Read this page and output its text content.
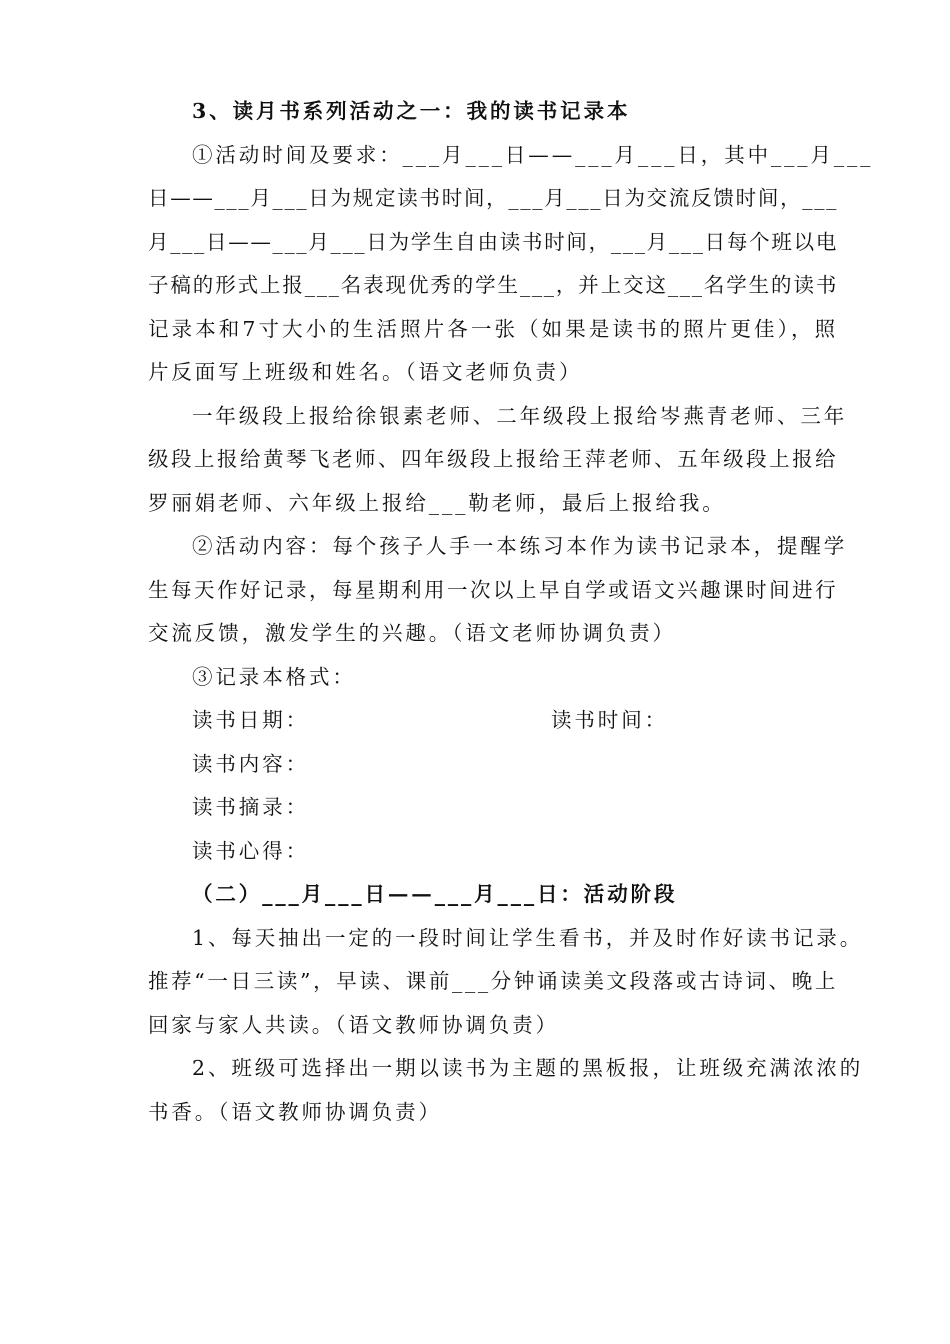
3、读月书系列活动之一：我的读书记录本
①活动时间及要求：___月___日——___月___日，其中___月___
日——___月___日为规定读书时间，___月___日为交流反馈时间，___
月___日——___月___日为学生自由读书时间，___月___日每个班以电
子稿的形式上报___名表现优秀的学生___，并上交这___名学生的读书
记录本和7寸大小的生活照片各一张（如果是读书的照片更佳），照
片反面写上班级和姓名。（语文老师负责）
一年级段上报给徐银素老师、二年级段上报给岑燕青老师、三年
级段上报给黄琴飞老师、四年级段上报给王萍老师、五年级段上报给
罗丽娟老师、六年级上报给___勒老师，最后上报给我。
②活动内容：每个孩子人手一本练习本作为读书记录本，提醒学
生每天作好记录，每星期利用一次以上早自学或语文兴趣课时间进行
交流反馈，激发学生的兴趣。（语文老师协调负责）
③记录本格式：
读书日期：	读书时间：
读书内容：
读书摘录：
读书心得：
（二）___月___日——___月___日：活动阶段
1、每天抽出一定的一段时间让学生看书，并及时作好读书记录。
推荐“一日三读”，早读、课前___分钟诵读美文段落或古诗词、晚上
回家与家人共读。（语文教师协调负责）
2、班级可选择出一期以读书为主题的黑板报，让班级充满浓浓的
书香。（语文教师协调负责）
